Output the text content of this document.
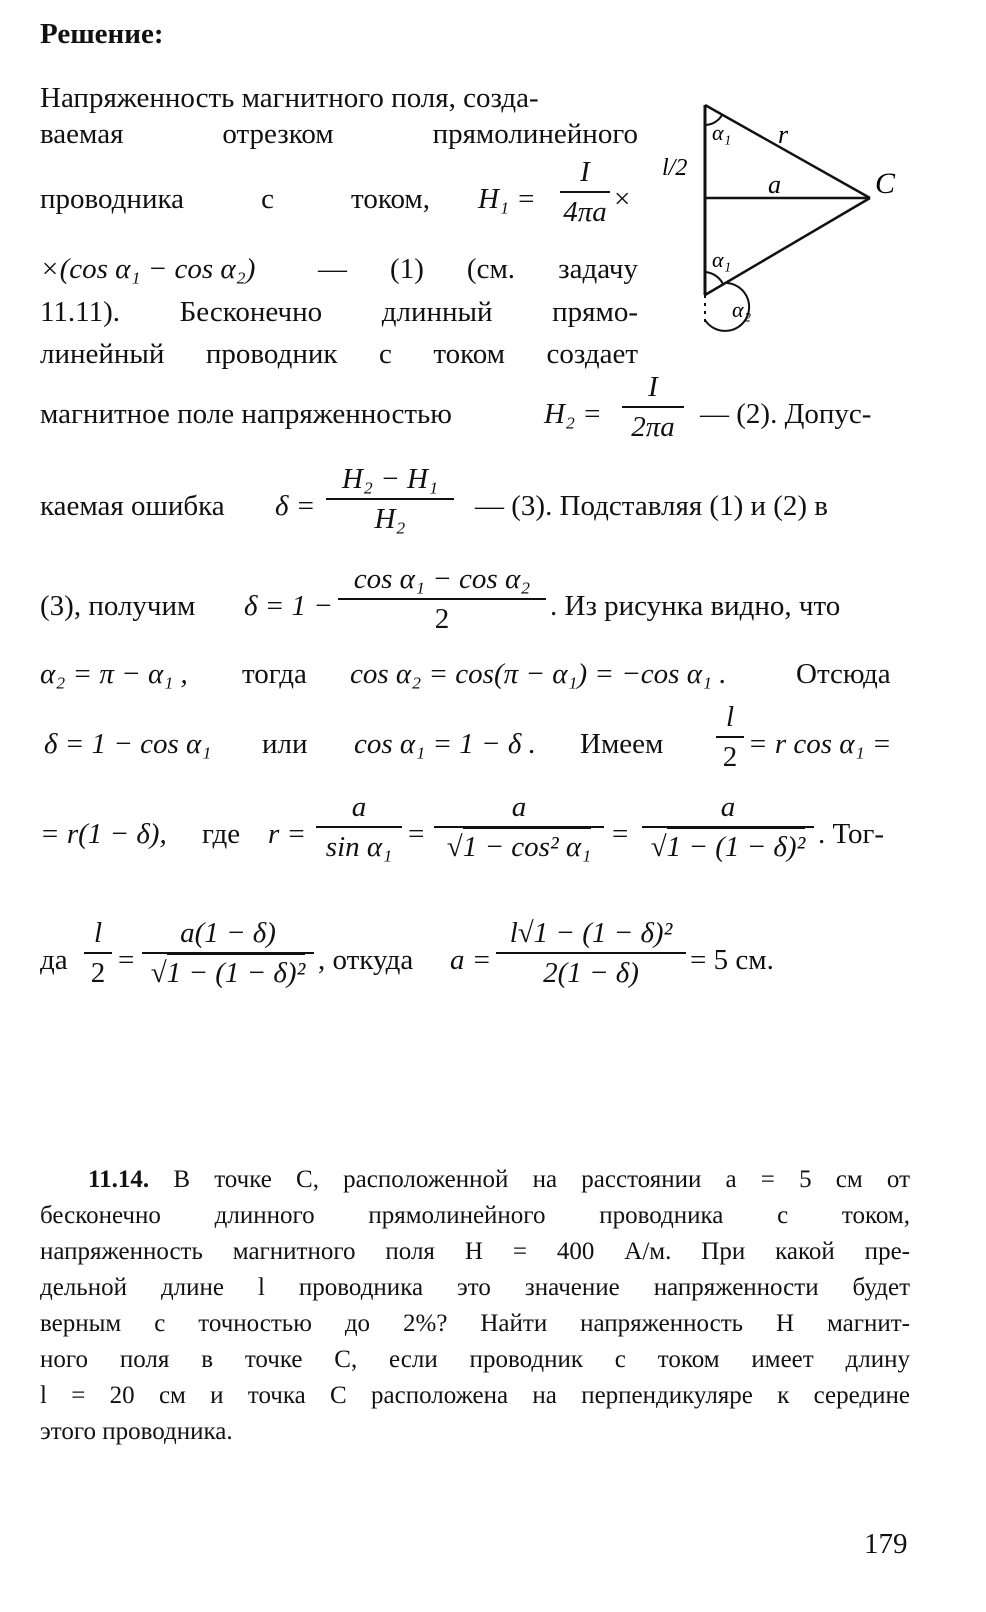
Решение:
Напряженность магнитного поля, созда-
ваемая отрезком прямолинейного
проводника с током, H₁ =
I
4πa ×
×(cos α₁ − cos α₂) — (1) (см. задачу
11.11). Бесконечно длинный прямо-
линейный проводник с током создает
l/2
r
a	C
α₁
α₁
α₂
магнитное поле напряженностью	H₂ =
I
2πa — (2). Допус-
каемая ошибка δ =
H₂ − H₁
H₂	— (3). Подставляя (1) и (2) в
(3), получим δ = 1 −
cos α₁ − cos α₂
2	. Из рисунка видно, что
α₂ = π − α₁ , тогда cos α₂ = cos(π − α₁) = −cos α₁ . Отсюда
δ = 1 − cos α₁ или cos α₁ = 1 − δ . Имеем
l
2 = r cos α₁ =
= r(1 − δ), где r =
a
sin α₁ =
a
√1 − cos² α₁ =
a
√1 − (1 − δ)² . Тог-
да
l
2 =
a(1 − δ)
√1 − (1 − δ)² , откуда a =
l√1 − (1 − δ)²
2(1 − δ)	= 5 см.
11.14. В точке C, расположенной на расстоянии a = 5 см от
бесконечно длинного прямолинейного проводника с током,
напряженность магнитного поля H = 400 А/м. При какой пре-
дельной длине l проводника это значение напряженности будет
верным с точностью до 2%? Найти напряженность H магнит-
ного поля в точке C, если проводник с током имеет длину
l = 20 см и точка C расположена на перпендикуляре к середине
этого проводника.
179
